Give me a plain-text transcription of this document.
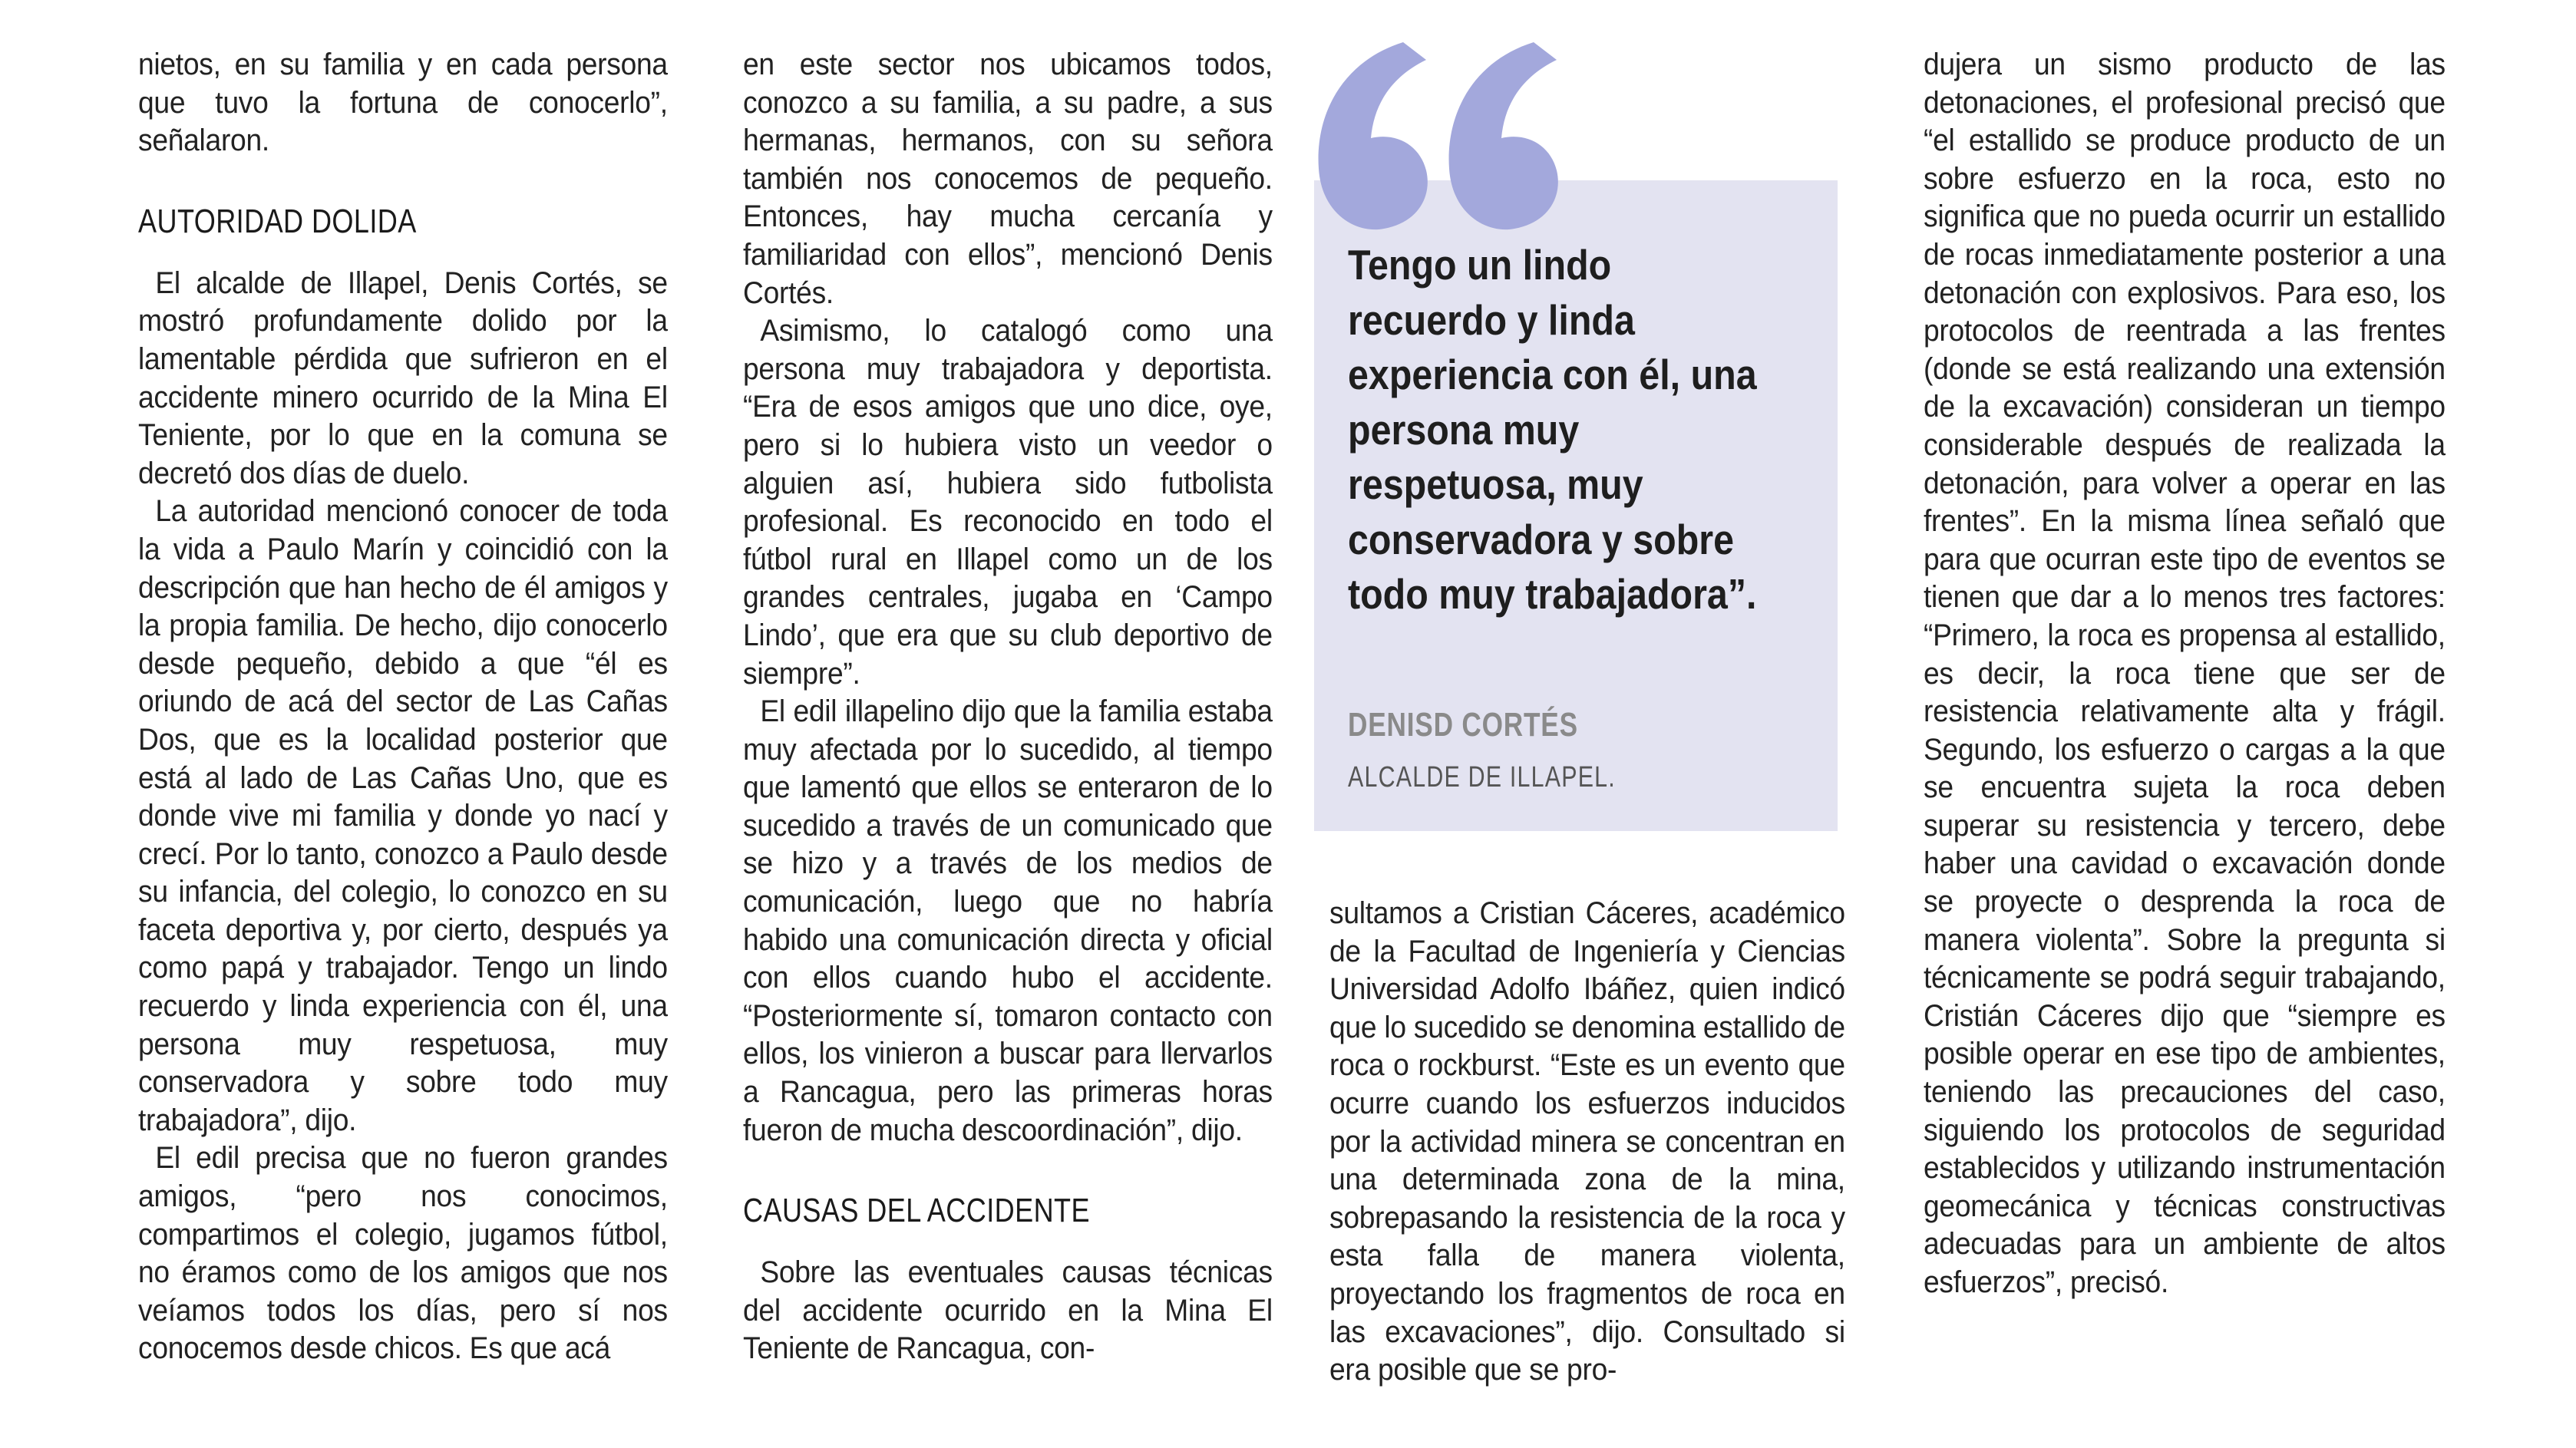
nietos, en su familia y en cada persona que tuvo la fortuna de conocerlo”, señalaron.

AUTORIDAD DOLIDA

El alcalde de Illapel, Denis Cortés, se mostró profundamente dolido por la lamentable pérdida que sufrieron en el accidente minero ocurrido de la Mina El Teniente, por lo que en la comuna se decretó dos días de duelo.

La autoridad mencionó conocer de toda la vida a Paulo Marín y coincidió con la descripción que han hecho de él amigos y la propia familia. De hecho, dijo conocerlo desde pequeño, debido a que “él es oriundo de acá del sector de Las Cañas Dos, que es la localidad posterior que está al lado de Las Cañas Uno, que es donde vive mi familia y donde yo nací y crecí. Por lo tanto, conozco a Paulo desde su infancia, del colegio, lo conozco en su faceta deportiva y, por cierto, después ya como papá y trabajador. Tengo un lindo recuerdo y linda experiencia con él, una persona muy respetuosa, muy conservadora y sobre todo muy trabajadora”, dijo.

El edil precisa que no fueron grandes amigos, “pero nos conocimos, compartimos el colegio, jugamos fútbol, no éramos como de los amigos que nos veíamos todos los días, pero sí nos conocemos desde chicos. Es que acá

en este sector nos ubicamos todos, conozco a su familia, a su padre, a sus hermanas, hermanos, con su señora también nos conocemos de pequeño. Entonces, hay mucha cercanía y familiaridad con ellos”, mencionó Denis Cortés.

Asimismo, lo catalogó como una persona muy trabajadora y deportista. “Era de esos amigos que uno dice, oye, pero si lo hubiera visto un veedor o alguien así, hubiera sido futbolista profesional. Es reconocido en todo el fútbol rural en Illapel como un de los grandes centrales, jugaba en ‘Campo Lindo’, que era que su club deportivo de siempre”.

El edil illapelino dijo que la familia estaba muy afectada por lo sucedido, al tiempo que lamentó que ellos se enteraron de lo sucedido a través de un comunicado que se hizo y a través de los medios de comunicación, luego que no habría habido una comunicación directa y oficial con ellos cuando hubo el accidente. “Posteriormente sí, tomaron contacto con ellos, los vinieron a buscar para llervarlos a Rancagua, pero las primeras horas fueron de mucha descoordinación”, dijo.

CAUSAS DEL ACCIDENTE

Sobre las eventuales causas técnicas del accidente ocurrido en la Mina El Teniente de Rancagua, con-

Tengo un lindo recuerdo y linda experiencia con él, una persona muy respetuosa, muy conservadora y sobre todo muy trabajadora”.
DENISD CORTÉS
ALCALDE DE ILLAPEL.

sultamos a Cristian Cáceres, académico de la Facultad de Ingeniería y Ciencias Universidad Adolfo Ibáñez, quien indicó que lo sucedido se denomina estallido de roca o rockburst. “Este es un evento que ocurre cuando los esfuerzos inducidos por la actividad minera se concentran en una determinada zona de la mina, sobrepasando la resistencia de la roca y esta falla de manera violenta, proyectando los fragmentos de roca en las excavaciones”, dijo. Consultado si era posible que se pro-

dujera un sismo producto de las detonaciones, el profesional precisó que “el estallido se produce producto de un sobre esfuerzo en la roca, esto no significa que no pueda ocurrir un estallido de rocas inmediatamente posterior a una detonación con explosivos. Para eso, los protocolos de reentrada a las frentes (donde se está realizando una extensión de la excavación) consideran un tiempo considerable después de realizada la detonación, para volver a operar en las frentes”. En la misma línea señaló que para que ocurran este tipo de eventos se tienen que dar a lo menos tres factores: “Primero, la roca es propensa al estallido, es decir, la roca tiene que ser de resistencia relativamente alta y frágil. Segundo, los esfuerzo o cargas a la que se encuentra sujeta la roca deben superar su resistencia y tercero, debe haber una cavidad o excavación donde se proyecte o desprenda la roca de manera violenta”. Sobre la pregunta si técnicamente se podrá seguir trabajando, Cristián Cáceres dijo que “siempre es posible operar en ese tipo de ambientes, teniendo las precauciones del caso, siguiendo los protocolos de seguridad establecidos y utilizando instrumentación geomecánica y técnicas constructivas adecuadas para un ambiente de altos esfuerzos”, precisó.
